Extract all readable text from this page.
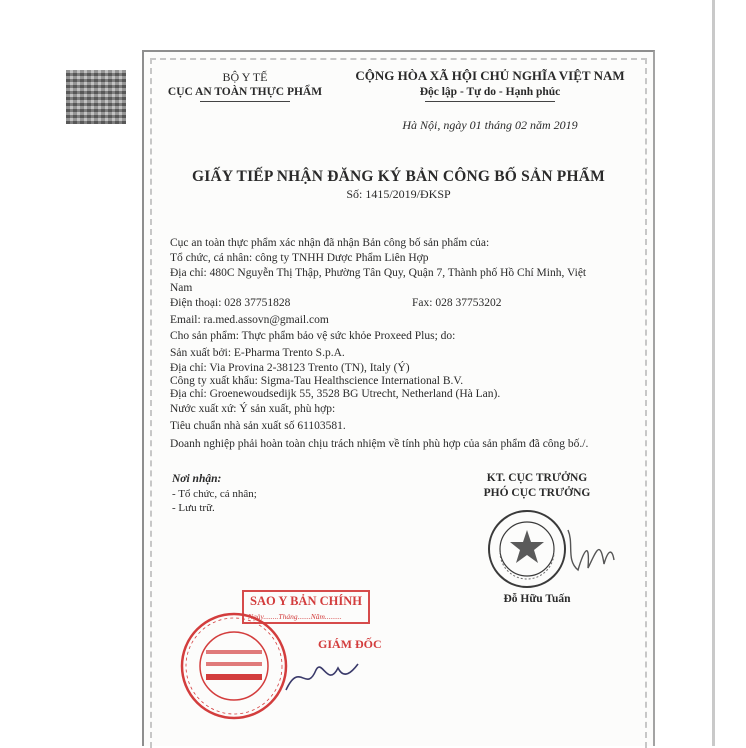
BỘ Y TẾ
CỤC AN TOÀN THỰC PHẨM
CỘNG HÒA XÃ HỘI CHỦ NGHĨA VIỆT NAM
Độc lập - Tự do - Hạnh phúc
Hà Nội, ngày 01 tháng 02 năm 2019
GIẤY TIẾP NHẬN ĐĂNG KÝ BẢN CÔNG BỐ SẢN PHẨM
Số: 1415/2019/ĐKSP
Cục an toàn thực phẩm xác nhận đã nhận Bản công bố sản phẩm của:
Tổ chức, cá nhân: công ty TNHH Dược Phẩm Liên Hợp
Địa chỉ: 480C Nguyễn Thị Thập, Phường Tân Quy, Quận 7, Thành phố Hồ Chí Minh, Việt
Nam
Điện thoại: 028 37751828	Fax: 028 37753202
Email: ra.med.assovn@gmail.com
Cho sản phẩm: Thực phẩm bảo vệ sức khỏe Proxeed Plus; do:
Sản xuất bởi: E-Pharma Trento S.p.A.
Địa chỉ: Via Provina 2-38123 Trento (TN), Italy (Ý)
Công ty xuất khẩu: Sigma-Tau Healthscience International B.V.
Địa chỉ: Groenewoudsedijk 55, 3528 BG Utrecht, Netherland (Hà Lan).
Nước xuất xứ: Ý sản xuất, phù hợp:
Tiêu chuẩn nhà sản xuất số 61103581.
Doanh nghiệp phải hoàn toàn chịu trách nhiệm về tính phù hợp của sản phẩm đã công bố./.
Nơi nhận:
- Tổ chức, cá nhân;
- Lưu trữ.
KT. CỤC TRƯỞNG
PHÓ CỤC TRƯỞNG
Đỗ Hữu Tuấn
SAO Y BẢN CHÍNH
Ngày........Tháng.......Năm.........
GIÁM ĐỐC
